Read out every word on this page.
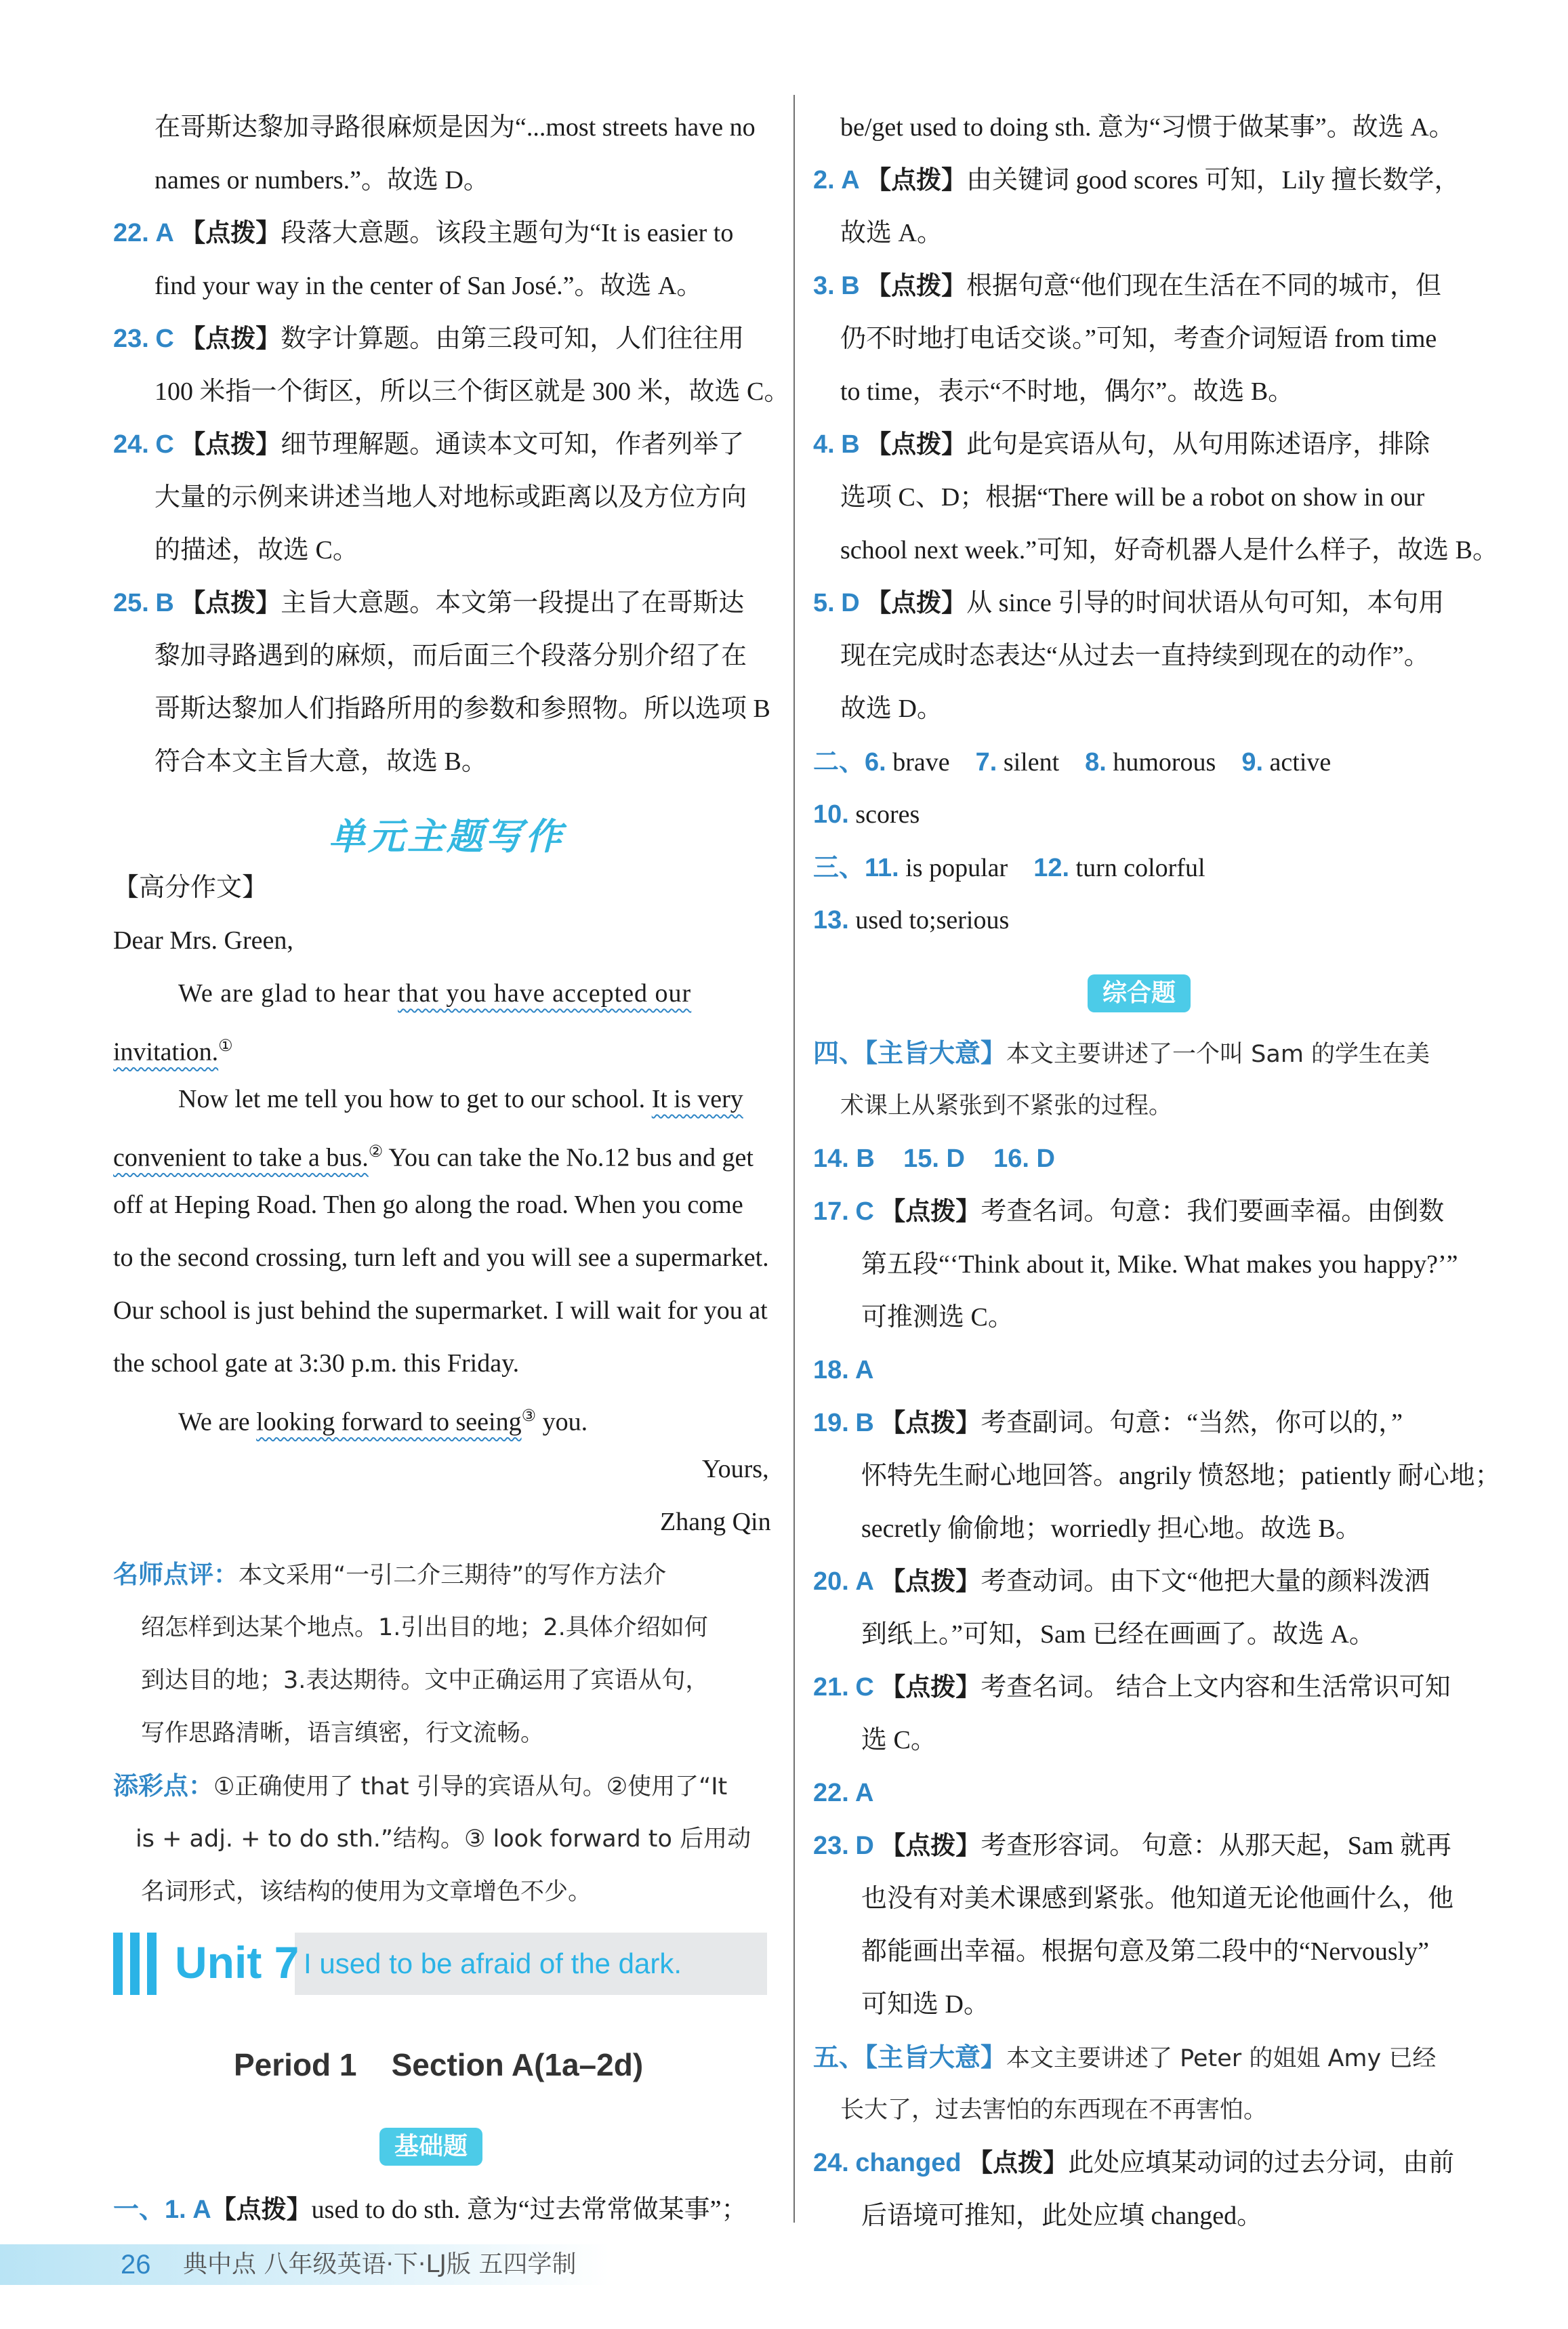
在哥斯达黎加寻路很麻烦是因为“...most streets have no
names or numbers.”。故选 D。
22. A 【点拨】段落大意题。该段主题句为“It is easier to
find your way in the center of San José.”。故选 A。
23. C 【点拨】数字计算题。由第三段可知，人们往往用
100 米指一个街区，所以三个街区就是 300 米，故选 C。
24. C 【点拨】细节理解题。通读本文可知，作者列举了
大量的示例来讲述当地人对地标或距离以及方位方向
的描述，故选 C。
25. B 【点拨】主旨大意题。本文第一段提出了在哥斯达
黎加寻路遇到的麻烦，而后面三个段落分别介绍了在
哥斯达黎加人们指路所用的参数和参照物。所以选项 B
符合本文主旨大意，故选 B。
单元主题写作
【高分作文】
Dear Mrs. Green,
We are glad to hear that you have accepted our
invitation.①
Now let me tell you how to get to our school. It is very
convenient to take a bus.② You can take the No.12 bus and get
off at Heping Road. Then go along the road. When you come
to the second crossing, turn left and you will see a supermarket.
Our school is just behind the supermarket. I will wait for you at
the school gate at 3:30 p.m. this Friday.
We are looking forward to seeing③ you.
Yours,
Zhang Qin
名师点评：本文采用“一引二介三期待”的写作方法介
绍怎样到达某个地点。1.引出目的地；2.具体介绍如何
到达目的地；3.表达期待。文中正确运用了宾语从句，
写作思路清晰，语言缜密，行文流畅。
添彩点：①正确使用了 that 引导的宾语从句。②使用了“It
is + adj. + to do sth.”结构。③ look forward to 后用动
名词形式，该结构的使用为文章增色不少。
Unit 7 I used to be afraid of the dark.
Period 1    Section A(1a–2d)
基础题
一、1. A【点拨】used to do sth. 意为“过去常常做某事”；
be/get used to doing sth. 意为“习惯于做某事”。故选 A。
2. A 【点拨】由关键词 good scores 可知，Lily 擅长数学，
故选 A。
3. B 【点拨】根据句意“他们现在生活在不同的城市，但
仍不时地打电话交谈。”可知，考查介词短语 from time
to time，表示“不时地，偶尔”。故选 B。
4. B 【点拨】此句是宾语从句，从句用陈述语序，排除
选项 C、D；根据“There will be a robot on show in our
school next week.”可知，好奇机器人是什么样子，故选 B。
5. D 【点拨】从 since 引导的时间状语从句可知，本句用
现在完成时态表达“从过去一直持续到现在的动作”。
故选 D。
二、6. brave 7. silent 8. humorous 9. active
10. scores
三、11. is popular 12. turn colorful
13. used to;serious
综合题
四、【主旨大意】本文主要讲述了一个叫 Sam 的学生在美
术课上从紧张到不紧张的过程。
14. B 15. D 16. D
17. C 【点拨】考查名词。句意：我们要画幸福。由倒数
第五段“‘Think about it, Mike. What makes you happy?’”
可推测选 C。
18. A
19. B 【点拨】考查副词。句意：“当然，你可以的，”
怀特先生耐心地回答。angrily 愤怒地；patiently 耐心地；
secretly 偷偷地；worriedly 担心地。故选 B。
20. A 【点拨】考查动词。由下文“他把大量的颜料泼洒
到纸上。”可知，Sam 已经在画画了。故选 A。
21. C 【点拨】考查名词。 结合上文内容和生活常识可知
选 C。
22. A
23. D 【点拨】考查形容词。 句意：从那天起，Sam 就再
也没有对美术课感到紧张。他知道无论他画什么，他
都能画出幸福。根据句意及第二段中的“Nervously”
可知选 D。
五、【主旨大意】本文主要讲述了 Peter 的姐姐 Amy 已经
长大了，过去害怕的东西现在不再害怕。
24. changed 【点拨】此处应填某动词的过去分词，由前
后语境可推知，此处应填 changed。
26 典中点 八年级英语·下·LJ版 五四学制
